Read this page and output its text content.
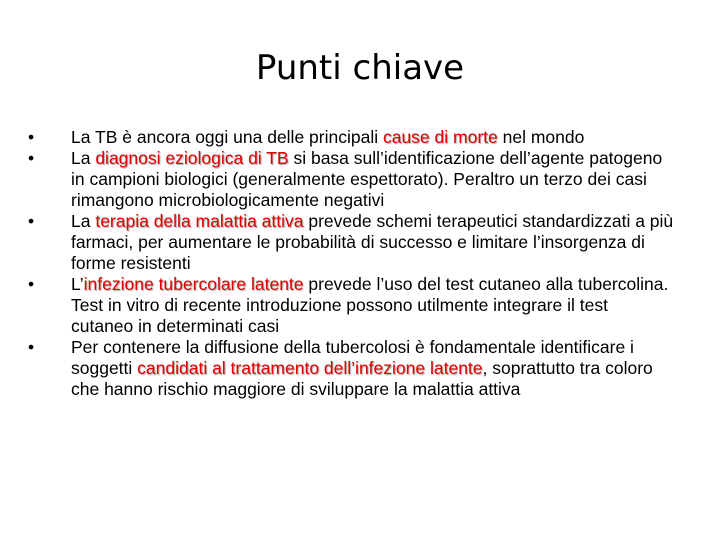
Punti chiave
•	La TB è ancora oggi una delle principali cause di morte nel mondo
•	La diagnosi eziologica di TB si basa sull’identificazione dell’agente patogeno in campioni biologici (generalmente espettorato). Peraltro un terzo dei casi rimangono microbiologicamente negativi
•	La terapia della malattia attiva prevede schemi terapeutici standardizzati a più farmaci, per aumentare le probabilità di successo e limitare l’insorgenza di forme resistenti
•	L’infezione tubercolare latente prevede l’uso del test cutaneo alla tubercolina. Test in vitro di recente introduzione possono utilmente integrare il test cutaneo in determinati casi
•	Per contenere la diffusione della tubercolosi è fondamentale identificare i soggetti candidati al trattamento dell’infezione latente, soprattutto tra coloro che hanno rischio maggiore di sviluppare la malattia attiva
